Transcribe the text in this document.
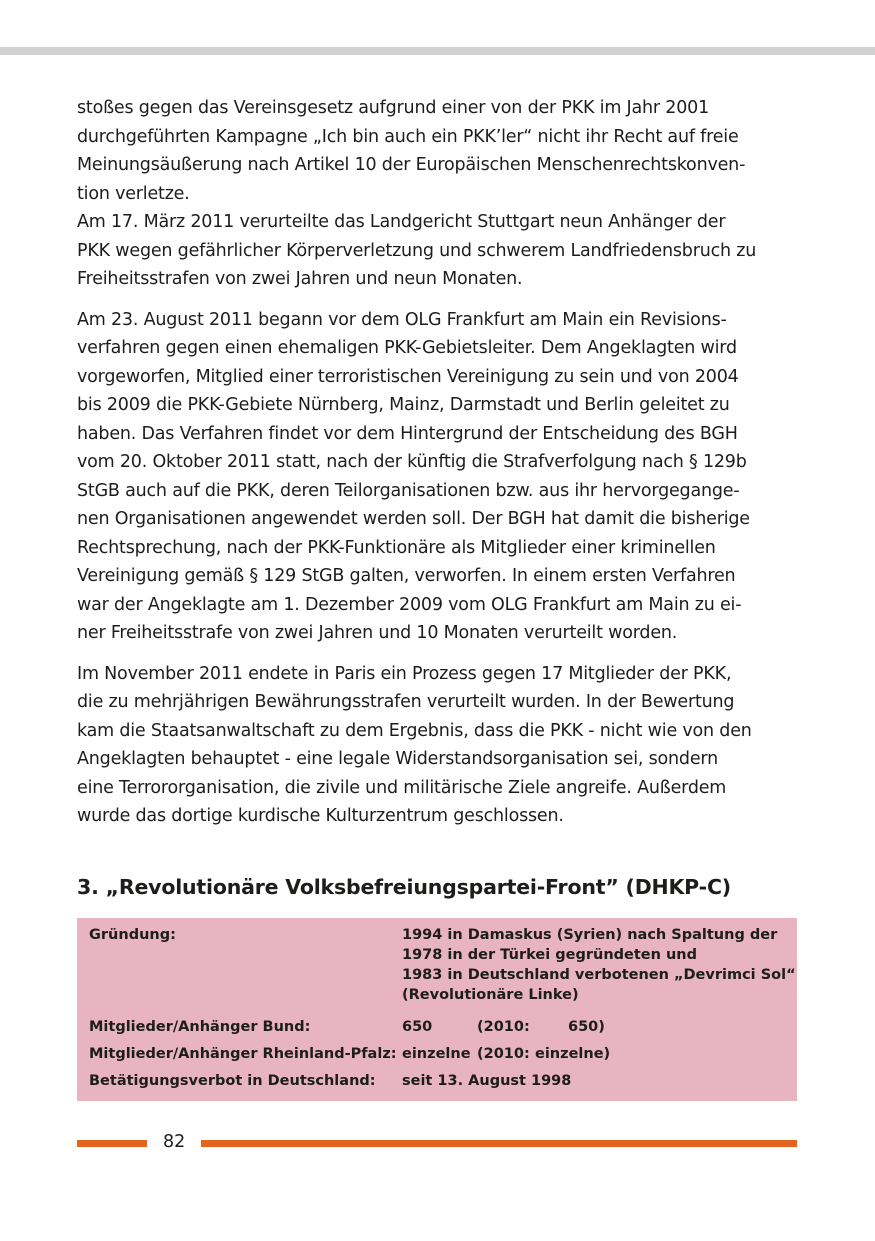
stoßes gegen das Vereinsgesetz aufgrund einer von der PKK im Jahr 2001
durchgeführten Kampagne „Ich bin auch ein PKK’ler“ nicht ihr Recht auf freie
Meinungsäußerung nach Artikel 10 der Europäischen Menschenrechtskonven-
tion verletze.

Am 17. März 2011 verurteilte das Landgericht Stuttgart neun Anhänger der
PKK wegen gefährlicher Körperverletzung und schwerem Landfriedensbruch zu
Freiheitsstrafen von zwei Jahren und neun Monaten.

Am 23. August 2011 begann vor dem OLG Frankfurt am Main ein Revisions-
verfahren gegen einen ehemaligen PKK-Gebietsleiter. Dem Angeklagten wird
vorgeworfen, Mitglied einer terroristischen Vereinigung zu sein und von 2004
bis 2009 die PKK-Gebiete Nürnberg, Mainz, Darmstadt und Berlin geleitet zu
haben. Das Verfahren findet vor dem Hintergrund der Entscheidung des BGH
vom 20. Oktober 2011 statt, nach der künftig die Strafverfolgung nach § 129b
StGB auch auf die PKK, deren Teilorganisationen bzw. aus ihr hervorgegange-
nen Organisationen angewendet werden soll. Der BGH hat damit die bisherige
Rechtsprechung, nach der PKK-Funktionäre als Mitglieder einer kriminellen
Vereinigung gemäß § 129 StGB galten, verworfen. In einem ersten Verfahren
war der Angeklagte am 1. Dezember 2009 vom OLG Frankfurt am Main zu ei-
ner Freiheitsstrafe von zwei Jahren und 10 Monaten verurteilt worden.

Im November 2011 endete in Paris ein Prozess gegen 17 Mitglieder der PKK,
die zu mehrjährigen Bewährungsstrafen verurteilt wurden. In der Bewertung
kam die Staatsanwaltschaft zu dem Ergebnis, dass die PKK - nicht wie von den
Angeklagten behauptet - eine legale Widerstandsorganisation sei, sondern
eine Terrororganisation, die zivile und militärische Ziele angreife. Außerdem
wurde das dortige kurdische Kulturzentrum geschlossen.

3. „Revolutionäre Volksbefreiungspartei-Front” (DHKP-C)
Gründung:	1994 in Damaskus (Syrien) nach Spaltung der
1978 in der Türkei gegründeten und
1983 in Deutschland verbotenen „Devrimci Sol“
(Revolutionäre Linke)
Mitglieder/Anhänger Bund:	650	(2010:	650)
Mitglieder/Anhänger Rheinland-Pfalz: einzelne (2010: einzelne)
Betätigungsverbot in Deutschland: seit 13. August 1998
82
